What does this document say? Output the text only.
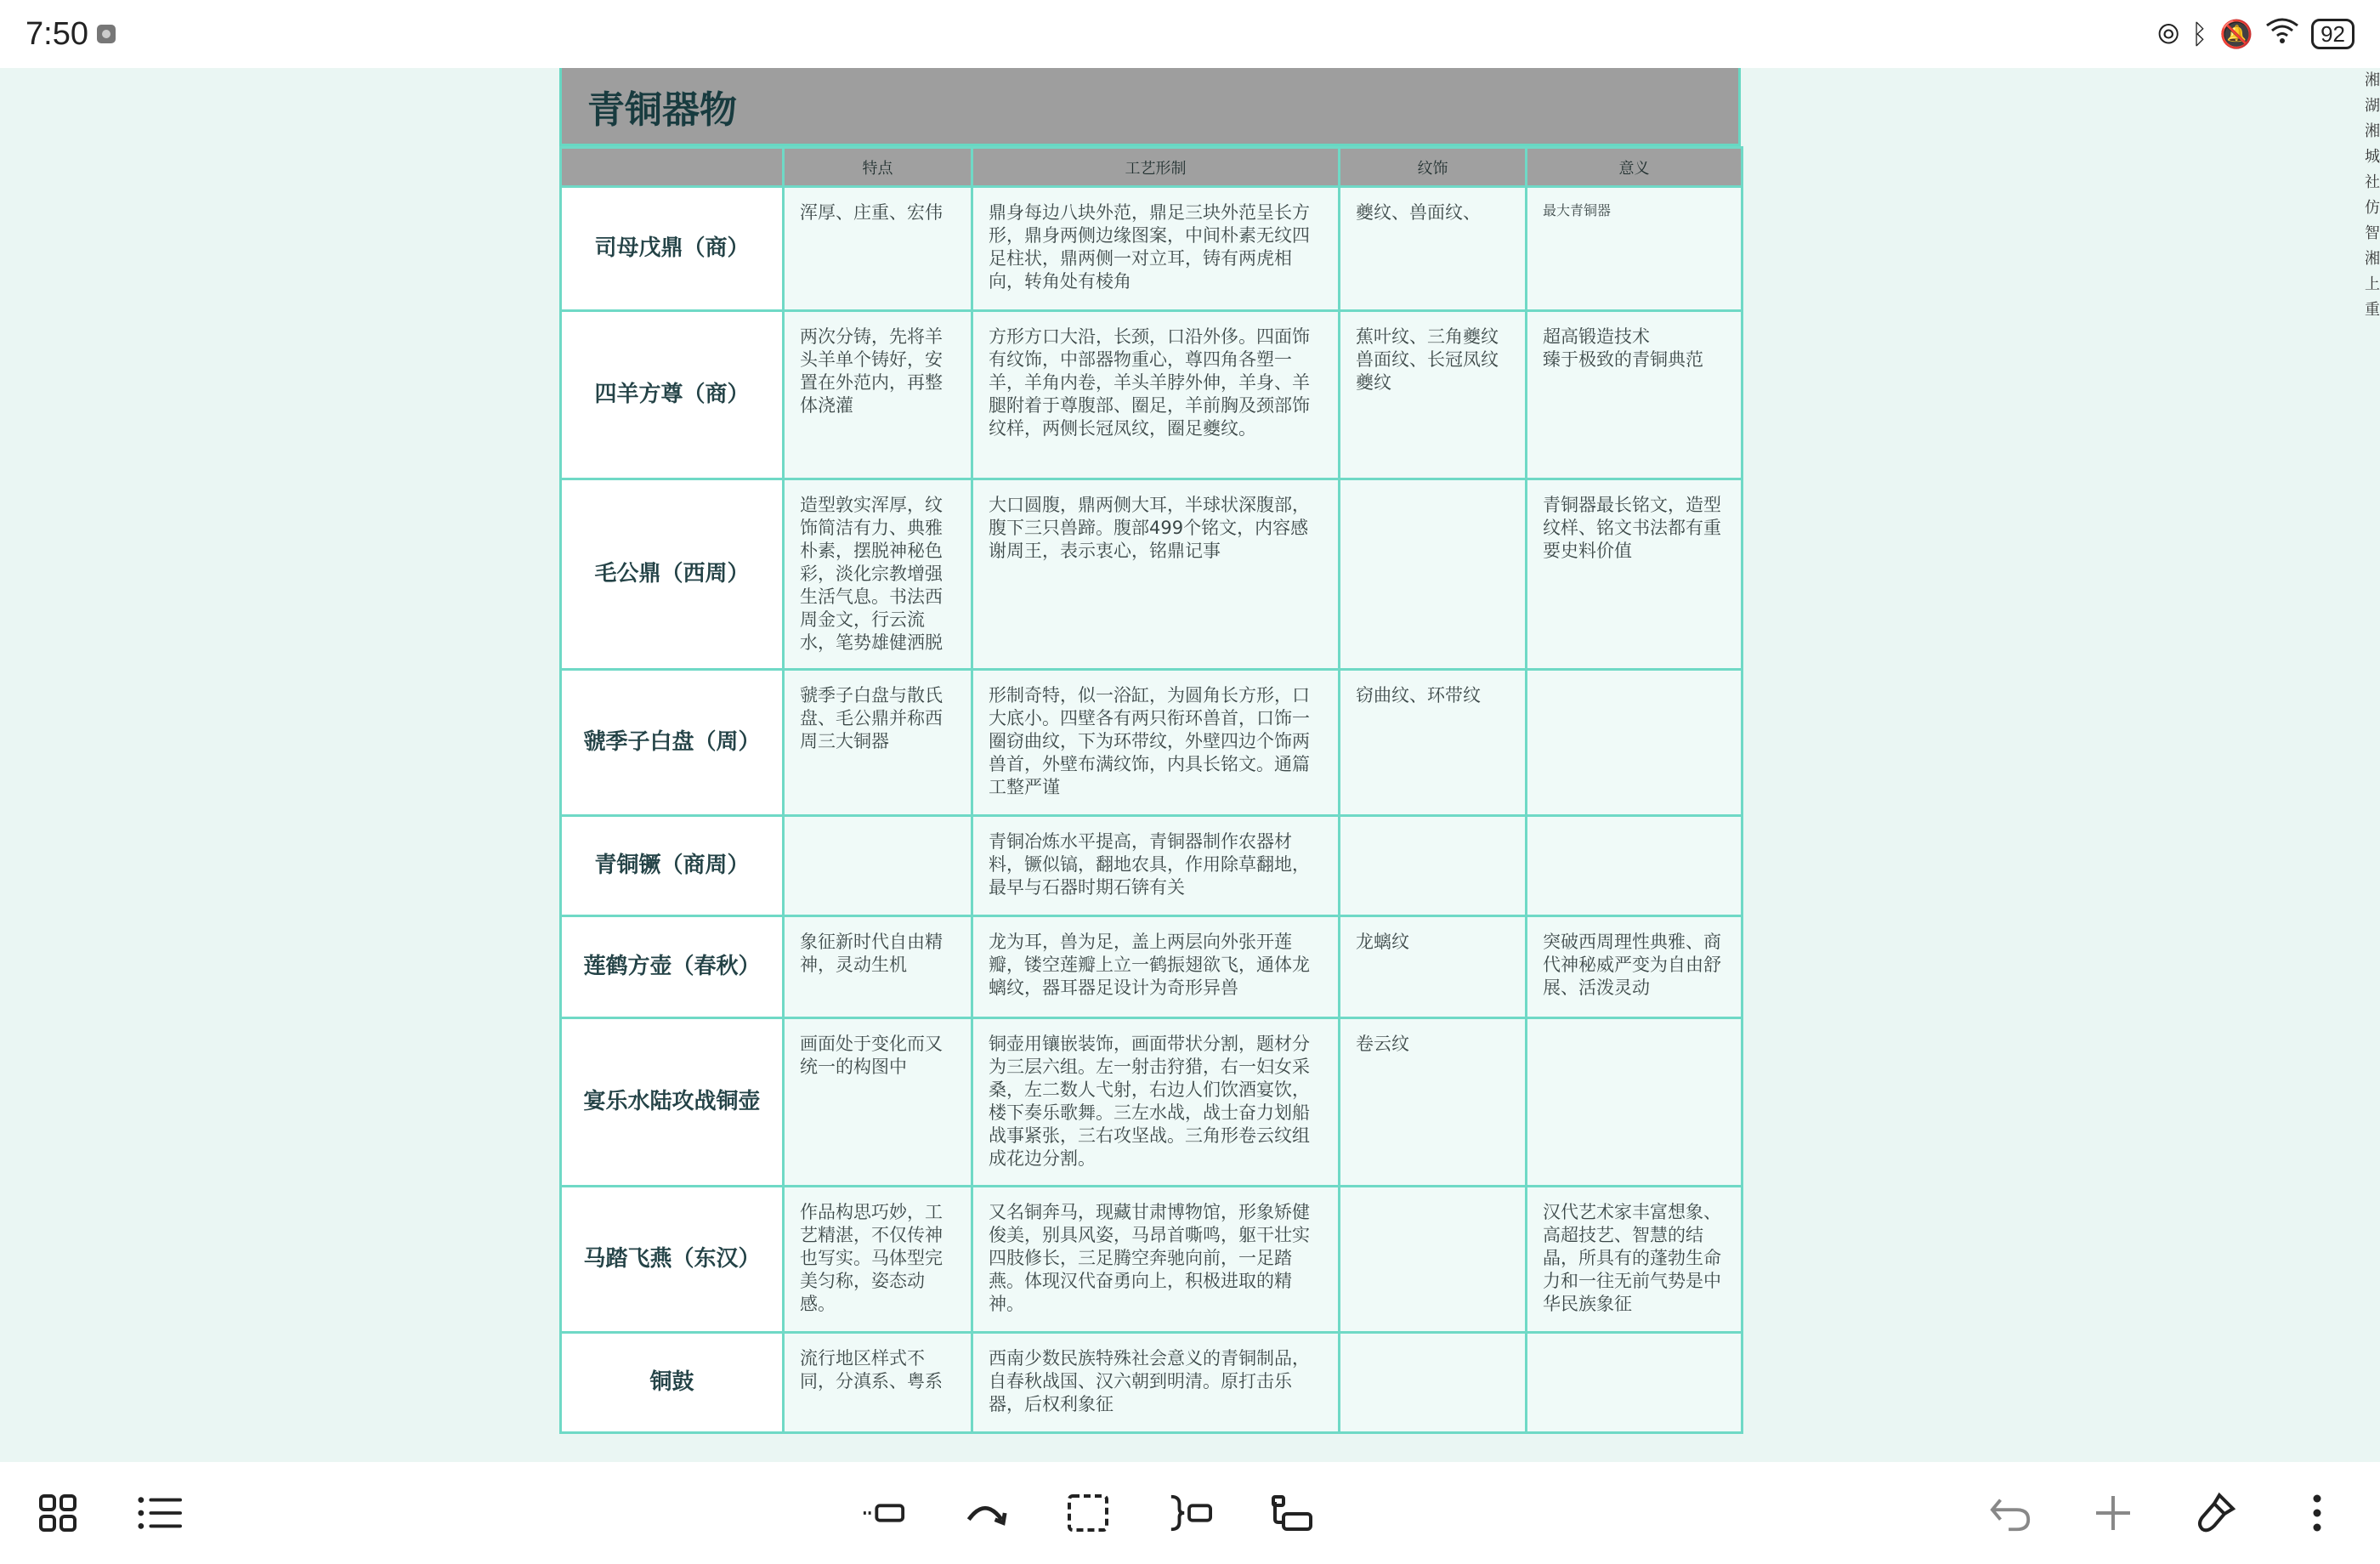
7:50	⦾ ᛒ 🔕	92
湘
湖
湘
城
社
仿
智
湘
上
重
青铜器物
	特点	工艺形制	纹饰	意义
司母戊鼎（商）	浑厚、庄重、宏伟	鼎身每边八块外范，鼎足三块外范呈长方形，鼎身两侧边缘图案，中间朴素无纹四足柱状，鼎两侧一对立耳，铸有两虎相向，转角处有棱角	夔纹、兽面纹、	最大青铜器
四羊方尊（商）	两次分铸，先将羊头羊单个铸好，安置在外范内，再整体浇灌	方形方口大沿，长颈，口沿外侈。四面饰有纹饰，中部器物重心，尊四角各塑一羊，羊角内卷，羊头羊脖外伸，羊身、羊腿附着于尊腹部、圈足，羊前胸及颈部饰纹样，两侧长冠凤纹，圈足夔纹。	蕉叶纹、三角夔纹兽面纹、长冠凤纹夔纹	超高锻造技术
臻于极致的青铜典范
毛公鼎（西周）	造型敦实浑厚，纹饰简洁有力、典雅朴素，摆脱神秘色彩，淡化宗教增强生活气息。书法西周金文，行云流水，笔势雄健洒脱	大口圆腹，鼎两侧大耳，半球状深腹部，腹下三只兽蹄。腹部499个铭文，内容感谢周王，表示衷心，铭鼎记事		青铜器最长铭文，造型纹样、铭文书法都有重要史料价值
虢季子白盘（周）	虢季子白盘与散氏盘、毛公鼎并称西周三大铜器	形制奇特，似一浴缸，为圆角长方形，口大底小。四壁各有两只衔环兽首，口饰一圈窃曲纹，下为环带纹，外壁四边个饰两兽首，外壁布满纹饰，内具长铭文。通篇工整严谨	窃曲纹、环带纹	
青铜镢（商周）		青铜冶炼水平提高，青铜器制作农器材料，镢似镐，翻地农具，作用除草翻地，最早与石器时期石锛有关		
莲鹤方壶（春秋）	象征新时代自由精神，灵动生机	龙为耳，兽为足，盖上两层向外张开莲瓣，镂空莲瓣上立一鹤振翅欲飞，通体龙螭纹，器耳器足设计为奇形异兽	龙螭纹	突破西周理性典雅、商代神秘威严变为自由舒展、活泼灵动
宴乐水陆攻战铜壶	画面处于变化而又统一的构图中	铜壶用镶嵌装饰，画面带状分割，题材分为三层六组。左一射击狩猎，右一妇女采桑，左二数人弋射，右边人们饮酒宴饮，楼下奏乐歌舞。三左水战，战士奋力划船战事紧张，三右攻坚战。三角形卷云纹组成花边分割。	卷云纹	
马踏飞燕（东汉）	作品构思巧妙，工艺精湛，不仅传神也写实。马体型完美匀称，姿态动感。	又名铜奔马，现藏甘肃博物馆，形象矫健俊美，别具风姿，马昂首嘶鸣，躯干壮实四肢修长，三足腾空奔驰向前，一足踏燕。体现汉代奋勇向上，积极进取的精神。		汉代艺术家丰富想象、高超技艺、智慧的结晶，所具有的蓬勃生命力和一往无前气势是中华民族象征
铜鼓	流行地区样式不同，分滇系、粤系	西南少数民族特殊社会意义的青铜制品，自春秋战国、汉六朝到明清。原打击乐器，后权利象征		
